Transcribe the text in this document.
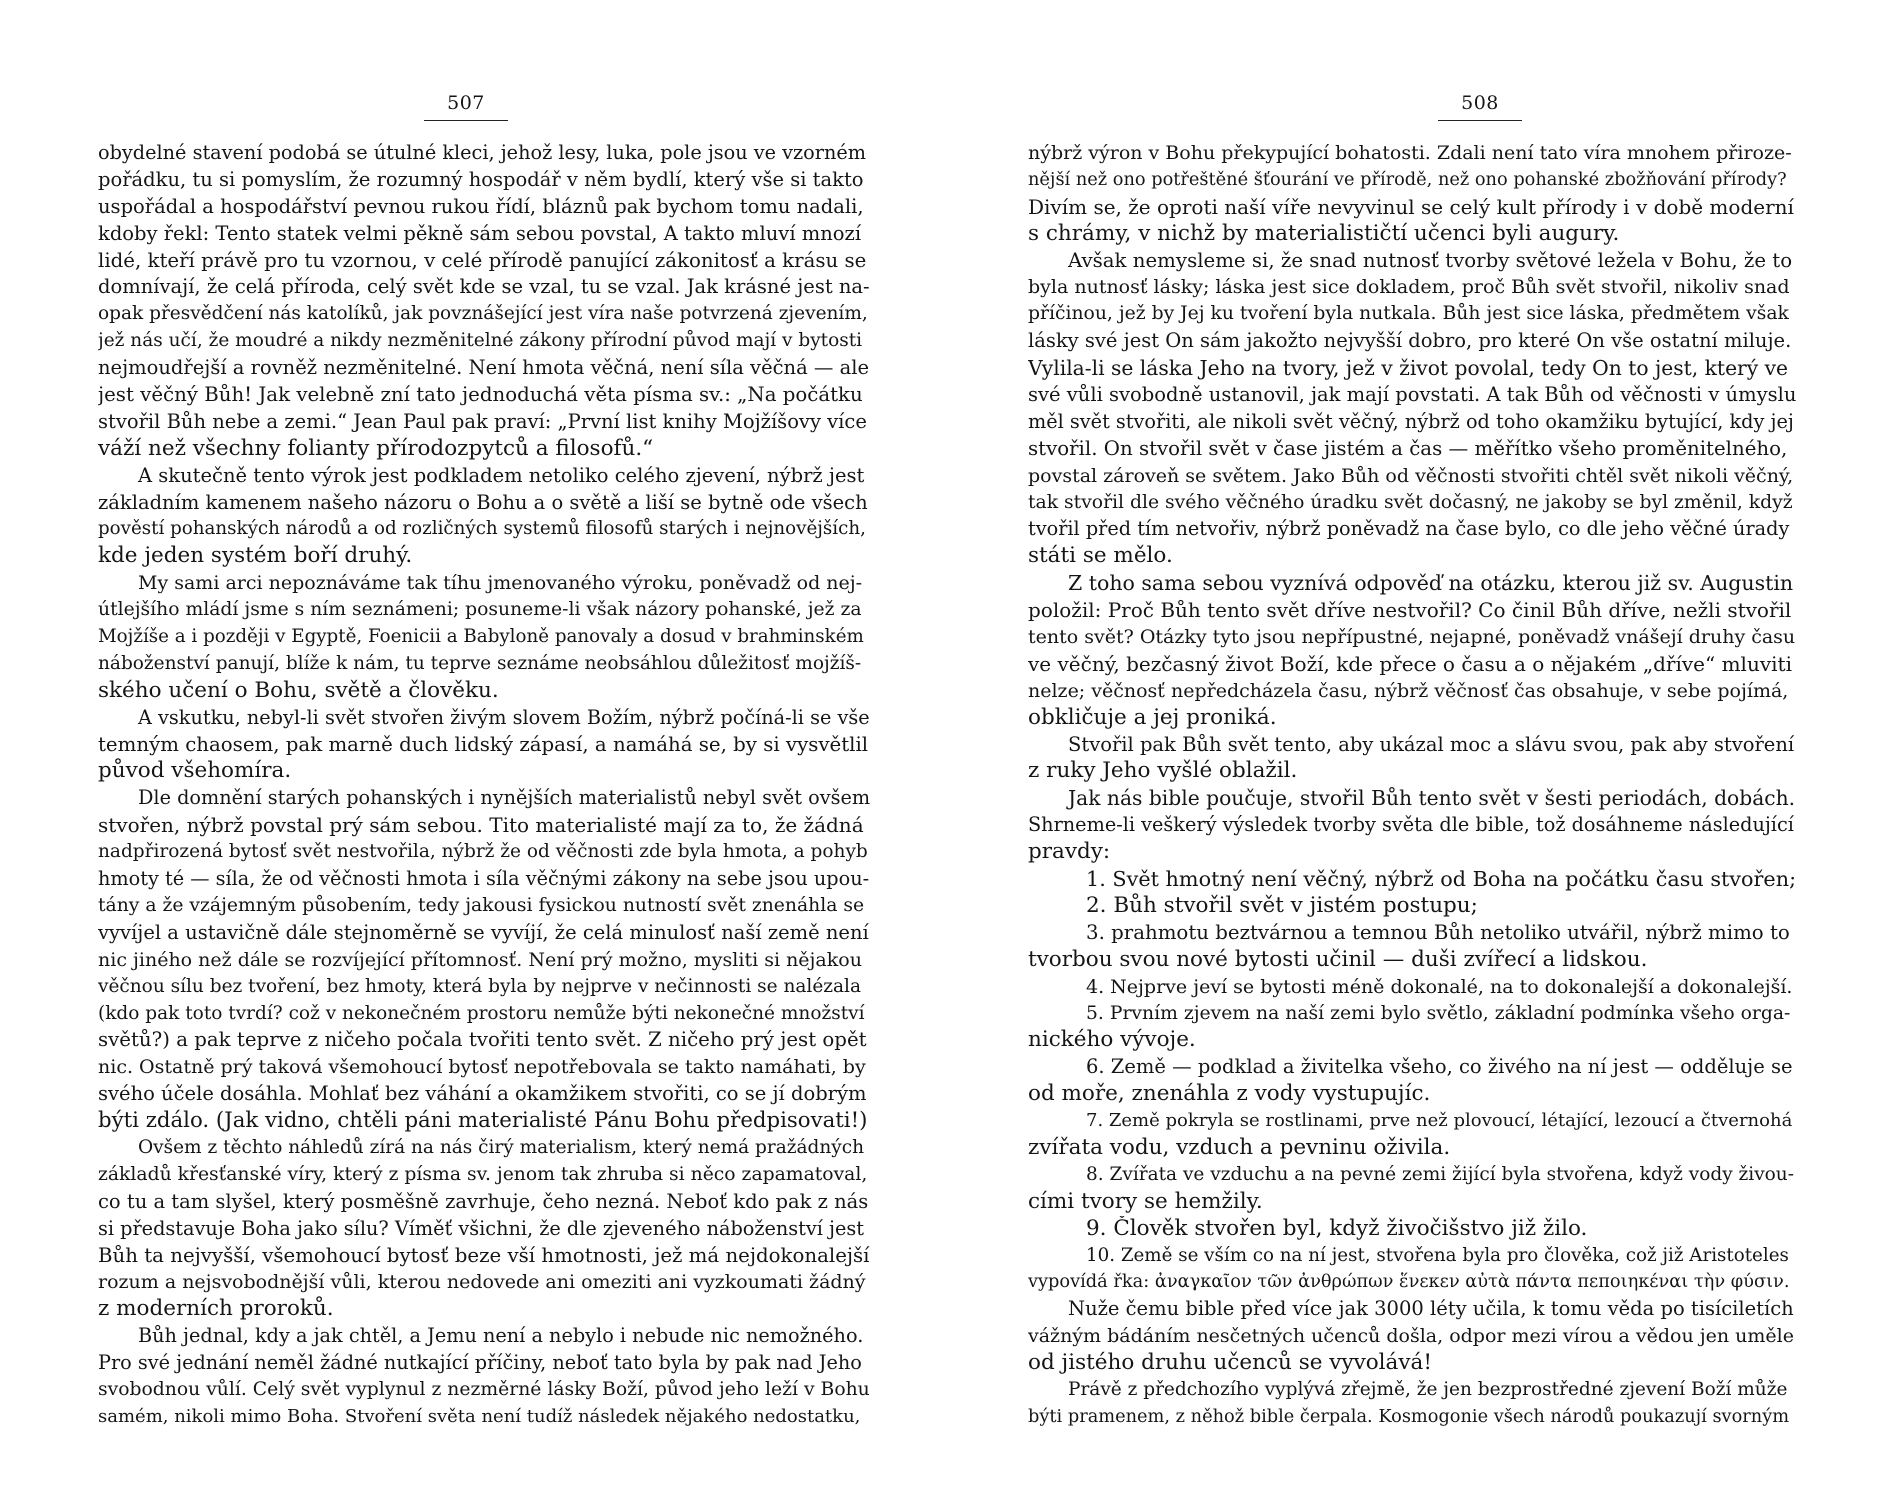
507
obydelné stavení podobá se útulné kleci, jehož lesy, luka, pole jsou ve vzorném
pořádku, tu si pomyslím, že rozumný hospodář v něm bydlí, který vše si takto
uspořádal a hospodářství pevnou rukou řídí, bláznů pak bychom tomu nadali,
kdoby řekl: Tento statek velmi pěkně sám sebou povstal, A takto mluví mnozí
lidé, kteří právě pro tu vzornou, v celé přírodě panující zákonitosť a krásu se
domnívají, že celá příroda, celý svět kde se vzal, tu se vzal. Jak krásné jest na-
opak přesvědčení nás katolíků, jak povznášející jest víra naše potvrzená zjevením,
jež nás učí, že moudré a nikdy nezměnitelné zákony přírodní původ mají v bytosti
nejmoudřejší a rovněž nezměnitelné. Není hmota věčná, není síla věčná — ale
jest věčný Bůh! Jak velebně zní tato jednoduchá věta písma sv.: „Na počátku
stvořil Bůh nebe a zemi.“ Jean Paul pak praví: „První list knihy Mojžíšovy více
váží než všechny folianty přírodozpytců a filosofů.“
A skutečně tento výrok jest podkladem netoliko celého zjevení, nýbrž jest
základním kamenem našeho názoru o Bohu a o světě a liší se bytně ode všech
pověstí pohanských národů a od rozličných systemů filosofů starých i nejnovějších,
kde jeden systém boří druhý.
My sami arci nepoznáváme tak tíhu jmenovaného výroku, poněvadž od nej-
útlejšího mládí jsme s ním seznámeni; posuneme-li však názory pohanské, jež za
Mojžíše a i později v Egyptě, Foenicii a Babyloně panovaly a dosud v brahminském
náboženství panují, blíže k nám, tu teprve seznáme neobsáhlou důležitosť mojžíš-
ského učení o Bohu, světě a člověku.
A vskutku, nebyl-li svět stvořen živým slovem Božím, nýbrž počíná-li se vše
temným chaosem, pak marně duch lidský zápasí, a namáhá se, by si vysvětlil
původ všehomíra.
Dle domnění starých pohanských i nynějších materialistů nebyl svět ovšem
stvořen, nýbrž povstal prý sám sebou. Tito materialisté mají za to, že žádná
nadpřirozená bytosť svět nestvořila, nýbrž že od věčnosti zde byla hmota, a pohyb
hmoty té — síla, že od věčnosti hmota i síla věčnými zákony na sebe jsou upou-
tány a že vzájemným působením, tedy jakousi fysickou nutností svět znenáhla se
vyvíjel a ustavičně dále stejnoměrně se vyvíjí, že celá minulosť naší země není
nic jiného než dále se rozvíjející přítomnosť. Není prý možno, mysliti si nějakou
věčnou sílu bez tvoření, bez hmoty, která byla by nejprve v nečinnosti se nalézala
(kdo pak toto tvrdí? což v nekonečném prostoru nemůže býti nekonečné množství
světů?) a pak teprve z ničeho počala tvořiti tento svět. Z ničeho prý jest opět
nic. Ostatně prý taková všemohoucí bytosť nepotřebovala se takto namáhati, by
svého účele dosáhla. Mohlať bez váhání a okamžikem stvořiti, co se jí dobrým
býti zdálo. (Jak vidno, chtěli páni materialisté Pánu Bohu předpisovati!)
Ovšem z těchto náhledů zírá na nás čirý materialism, který nemá pražádných
základů křesťanské víry, který z písma sv. jenom tak zhruba si něco zapamatoval,
co tu a tam slyšel, který posměšně zavrhuje, čeho nezná. Neboť kdo pak z nás
si představuje Boha jako sílu? Víměť všichni, že dle zjeveného náboženství jest
Bůh ta nejvyšší, všemohoucí bytosť beze vší hmotnosti, jež má nejdokonalejší
rozum a nejsvobodnější vůli, kterou nedovede ani omeziti ani vyzkoumati žádný
z moderních proroků.
Bůh jednal, kdy a jak chtěl, a Jemu není a nebylo i nebude nic nemožného.
Pro své jednání neměl žádné nutkající příčiny, neboť tato byla by pak nad Jeho
svobodnou vůlí. Celý svět vyplynul z nezměrné lásky Boží, původ jeho leží v Bohu
samém, nikoli mimo Boha. Stvoření světa není tudíž následek nějakého nedostatku,
508
nýbrž výron v Bohu překypující bohatosti. Zdali není tato víra mnohem přiroze-
nější než ono potřeštěné šťourání ve přírodě, než ono pohanské zbožňování přírody?
Divím se, že oproti naší víře nevyvinul se celý kult přírody i v době moderní
s chrámy, v nichž by materialističtí učenci byli augury.
Avšak nemysleme si, že snad nutnosť tvorby světové ležela v Bohu, že to
byla nutnosť lásky; láska jest sice dokladem, proč Bůh svět stvořil, nikoliv snad
příčinou, jež by Jej ku tvoření byla nutkala. Bůh jest sice láska, předmětem však
lásky své jest On sám jakožto nejvyšší dobro, pro které On vše ostatní miluje.
Vylila-li se láska Jeho na tvory, jež v život povolal, tedy On to jest, který ve
své vůli svobodně ustanovil, jak mají povstati. A tak Bůh od věčnosti v úmyslu
měl svět stvořiti, ale nikoli svět věčný, nýbrž od toho okamžiku bytující, kdy jej
stvořil. On stvořil svět v čase jistém a čas — měřítko všeho proměnitelného,
povstal zároveň se světem. Jako Bůh od věčnosti stvořiti chtěl svět nikoli věčný,
tak stvořil dle svého věčného úradku svět dočasný, ne jakoby se byl změnil, když
tvořil před tím netvořiv, nýbrž poněvadž na čase bylo, co dle jeho věčné úrady
státi se mělo.
Z toho sama sebou vyznívá odpověď na otázku, kterou již sv. Augustin
položil: Proč Bůh tento svět dříve nestvořil? Co činil Bůh dříve, nežli stvořil
tento svět? Otázky tyto jsou nepřípustné, nejapné, poněvadž vnášejí druhy času
ve věčný, bezčasný život Boží, kde přece o času a o nějakém „dříve“ mluviti
nelze; věčnosť nepředcházela času, nýbrž věčnosť čas obsahuje, v sebe pojímá,
obkličuje a jej proniká.
Stvořil pak Bůh svět tento, aby ukázal moc a slávu svou, pak aby stvoření
z ruky Jeho vyšlé oblažil.
Jak nás bible poučuje, stvořil Bůh tento svět v šesti periodách, dobách.
Shrneme-li veškerý výsledek tvorby světa dle bible, tož dosáhneme následující
pravdy:
1. Svět hmotný není věčný, nýbrž od Boha na počátku času stvořen;
2. Bůh stvořil svět v jistém postupu;
3. prahmotu beztvárnou a temnou Bůh netoliko utvářil, nýbrž mimo to
tvorbou svou nové bytosti učinil — duši zvířecí a lidskou.
4. Nejprve jeví se bytosti méně dokonalé, na to dokonalejší a dokonalejší.
5. Prvním zjevem na naší zemi bylo světlo, základní podmínka všeho orga-
nického vývoje.
6. Země — podklad a živitelka všeho, co živého na ní jest — odděluje se
od moře, znenáhla z vody vystupujíc.
7. Země pokryla se rostlinami, prve než plovoucí, létající, lezoucí a čtvernohá
zvířata vodu, vzduch a pevninu oživila.
8. Zvířata ve vzduchu a na pevné zemi žijící byla stvořena, když vody živou-
cími tvory se hemžily.
9. Člověk stvořen byl, když živočišstvo již žilo.
10. Země se vším co na ní jest, stvořena byla pro člověka, což již Aristoteles
vypovídá řka: ἀναγκαῖον τῶν ἀνθρώπων ἕνεκεν αὐτὰ πάντα πεποιηκέναι τὴν φύσιν.
Nuže čemu bible před více jak 3000 léty učila, k tomu věda po tisíciletích
vážným bádáním nesčetných učenců došla, odpor mezi vírou a vědou jen uměle
od jistého druhu učenců se vyvolává!
Právě z předchozího vyplývá zřejmě, že jen bezprostředné zjevení Boží může
býti pramenem, z něhož bible čerpala. Kosmogonie všech národů poukazují svorným
